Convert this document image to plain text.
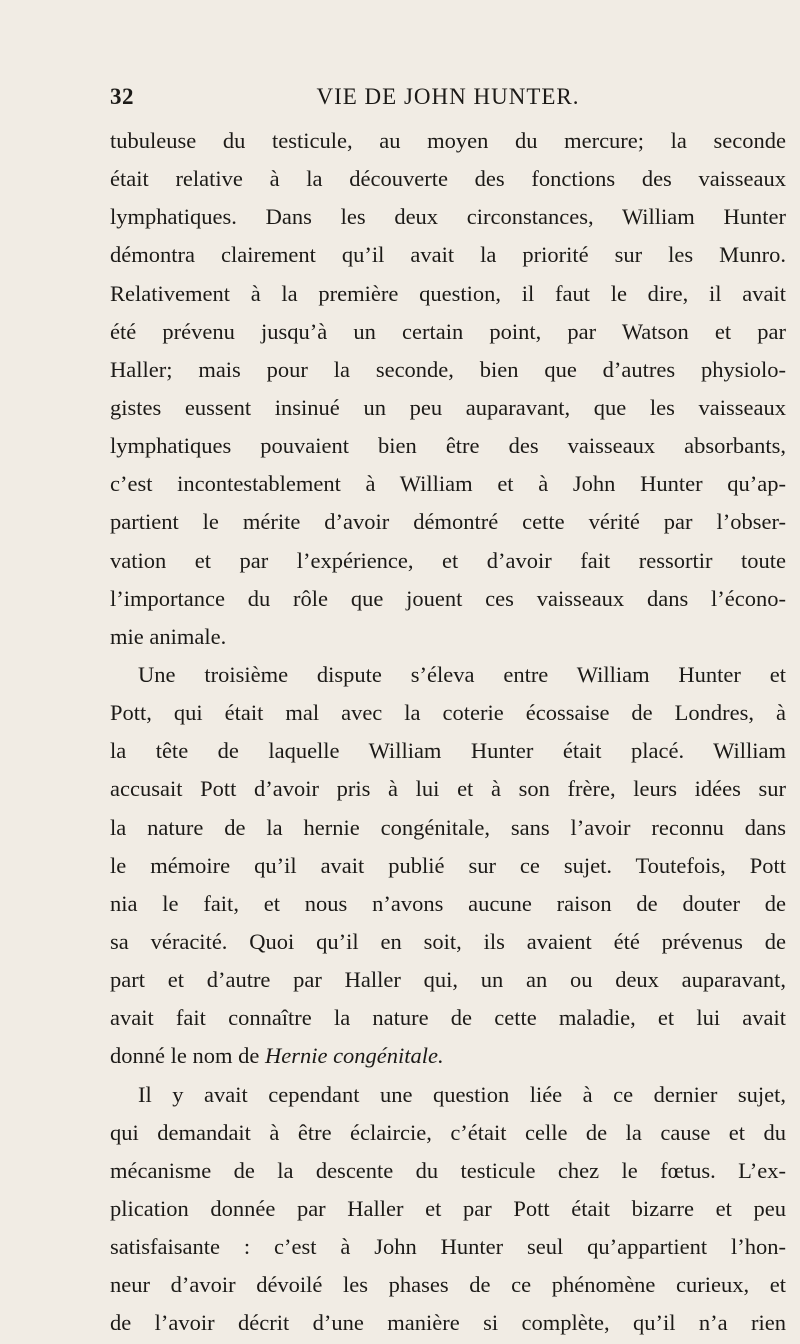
32	VIE DE JOHN HUNTER.
tubuleuse du testicule, au moyen du mercure; la seconde
était relative à la découverte des fonctions des vaisseaux
lymphatiques. Dans les deux circonstances, William Hunter
démontra clairement qu’il avait la priorité sur les Munro.
Relativement à la première question, il faut le dire, il avait
été prévenu jusqu’à un certain point, par Watson et par
Haller; mais pour la seconde, bien que d’autres physiolo-
gistes eussent insinué un peu auparavant, que les vaisseaux
lymphatiques pouvaient bien être des vaisseaux absorbants,
c’est incontestablement à William et à John Hunter qu’ap-
partient le mérite d’avoir démontré cette vérité par l’obser-
vation et par l’expérience, et d’avoir fait ressortir toute
l’importance du rôle que jouent ces vaisseaux dans l’écono-
mie animale.
Une troisième dispute s’éleva entre William Hunter et
Pott, qui était mal avec la coterie écossaise de Londres, à
la tête de laquelle William Hunter était placé. William
accusait Pott d’avoir pris à lui et à son frère, leurs idées sur
la nature de la hernie congénitale, sans l’avoir reconnu dans
le mémoire qu’il avait publié sur ce sujet. Toutefois, Pott
nia le fait, et nous n’avons aucune raison de douter de
sa véracité. Quoi qu’il en soit, ils avaient été prévenus de
part et d’autre par Haller qui, un an ou deux auparavant,
avait fait connaître la nature de cette maladie, et lui avait
donné le nom de Hernie congénitale.
Il y avait cependant une question liée à ce dernier sujet,
qui demandait à être éclaircie, c’était celle de la cause et du
mécanisme de la descente du testicule chez le fœtus. L’ex-
plication donnée par Haller et par Pott était bizarre et peu
satisfaisante : c’est à John Hunter seul qu’appartient l’hon-
neur d’avoir dévoilé les phases de ce phénomène curieux, et
de l’avoir décrit d’une manière si complète, qu’il n’a rien
